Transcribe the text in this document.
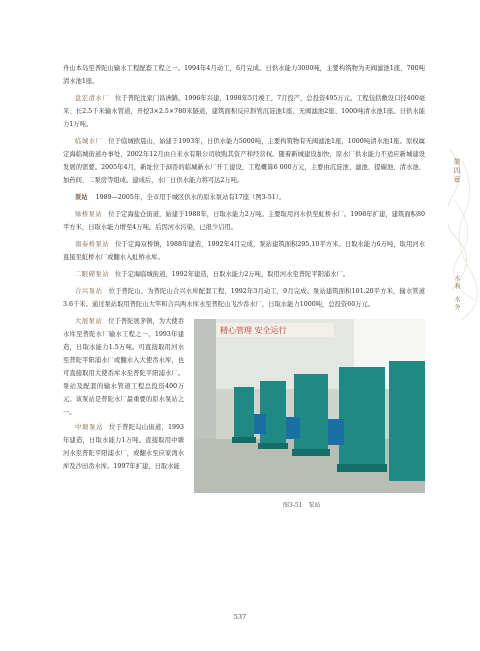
第四章
水利
水务

舟山本岛至普陀山输水工程配套工程之一。1994年4月动工，6月完成。日供水能力3000吨，主要构筑物为无阀滤池1座，700吨清水池1座。

盘宏清水厂 位于普陀沈家门昌洲路。1996年兴建，1998年5月竣工，7月投产，总投资495万元。工程包括敷设口径400毫米、长2.5千米输水管道，开挖3×2.5×780米隧道，建筑面积反应斜管沉淀池1座、无阀滤池2座、1000吨清水池1座。日供水能力1万吨。

临城水厂 位于临城欧晨山，始建于1993年，日供水能力5000吨，主要构筑物有无阀滤池1座，1000吨清水池1座。原权属定海临城街道办事处，2002年12月由自来水有限公司收购其资产和经营权。随着新城建设加快，原水厂供水能力不适应新城建设发展的需要。2005年4月，新址位于洞岙的临城新水厂开工建设，工程概算6 000万元，主要由沉淀池、滤池、提碳池、清水池、加药间、二泵房等组成。建成后，水厂日供水能力将可达2万吨。

泵站 1989—2005年，全市用于城区供水的原水泵站有17座（图3-51）。

绿桥泵站 位于定海盐仓街道，始建于1988年，日取水能力2万吨。主要取用河水供至虹桥水厂。1998年扩建，建筑面积80平方米，日取水能力增至4万吨。后因河水污染，已很少启用。

南泰桥泵站 位于定海双桥镇，1988年建造，1992年4月完成，泵站建筑面积295.10平方米。日取水能力6万吨，取用河水直接至虹桥水厂或翻水入虹桥水库。

二眼碶泵站 位于定海临城街道，1992年建造，日取水能力2万吨，取用河水至普陀平阳浦水厂。

合兴泵站 位于普陀山，为普陀山合兴水库配套工程，1992年3月动工，9月完成。泵站建筑面积101.20平方米，输水管道3.6千米。通过泵站取用普陀山大竿和合兴两水库水至普陀山飞沙岙水厂，日取水能力1000吨，总投资60万元。

大展泵站 位于普陀展茅镇，为大使岙水库至普陀水厂输水工程之一。1993年建造，日取水能力1.5万吨。可直接取用河水至普陀平阳浦水厂或翻水入大使岙水库，也可直接取用大使岙库水至普陀平阳浦水厂。泵站及配套的输水管道工程总投资400万元。该泵站是普陀水厂最重要的原水泵站之一。

中塘泵站 位于普陀勾山街道，1993年建造，日取水能力1万吨。直接取用中塘河水至普陀平阳浦水厂，或翻水至应家湾水库及沙田岙水库。1997年扩建，日取水能

精心管理 安全运行
图3-51 泵站
537
